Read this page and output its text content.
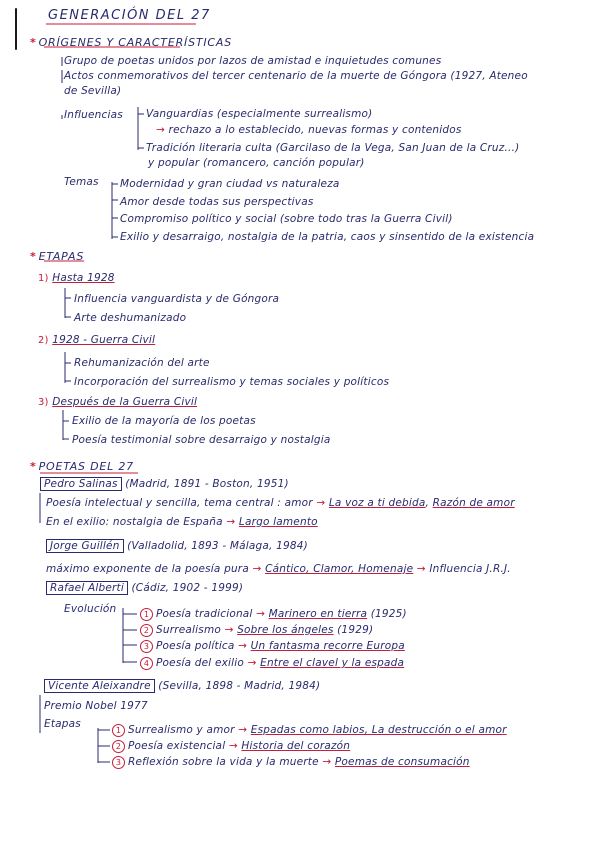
GENERACIÓN DEL 27
* ORÍGENES Y CARACTERÍSTICAS
Grupo de poetas unidos por lazos de amistad e inquietudes comunes
Actos conmemorativos del tercer centenario de la muerte de Góngora (1927, Ateneo
de Sevilla)
Influencias Vanguardias (especialmente surrealismo)
→ rechazo a lo establecido, nuevas formas y contenidos
Tradición literaria culta (Garcilaso de la Vega, San Juan de la Cruz...)
y popular (romancero, canción popular)
Temas Modernidad y gran ciudad vs naturaleza
Amor desde todas sus perspectivas
Compromiso político y social (sobre todo tras la Guerra Civil)
Exilio y desarraigo, nostalgia de la patria, caos y sinsentido de la existencia
* ETAPAS
1) Hasta 1928
Influencia vanguardista y de Góngora
Arte deshumanizado
2) 1928 - Guerra Civil
Rehumanización del arte
Incorporación del surrealismo y temas sociales y políticos
3) Después de la Guerra Civil
Exilio de la mayoría de los poetas
Poesía testimonial sobre desarraigo y nostalgia
* POETAS DEL 27
Pedro Salinas (Madrid, 1891 - Boston, 1951)
Poesía intelectual y sencilla, tema central : amor → La voz a ti debida, Razón de amor
En el exilio: nostalgia de España → Largo lamento
Jorge Guillén (Valladolid, 1893 - Málaga, 1984)
máximo exponente de la poesía pura → Cántico, Clamor, Homenaje → Influencia J.R.J.
Rafael Alberti (Cádiz, 1902 - 1999)
Evolución	1 Poesía tradicional → Marinero en tierra (1925)
2 Surrealismo → Sobre los ángeles (1929)
3 Poesía política → Un fantasma recorre Europa
4 Poesía del exilio → Entre el clavel y la espada
Vicente Aleixandre (Sevilla, 1898 - Madrid, 1984)
Premio Nobel 1977
Etapas
1 Surrealismo y amor → Espadas como labios, La destrucción o el amor
2 Poesía existencial → Historia del corazón
3 Reflexión sobre la vida y la muerte → Poemas de consumación
